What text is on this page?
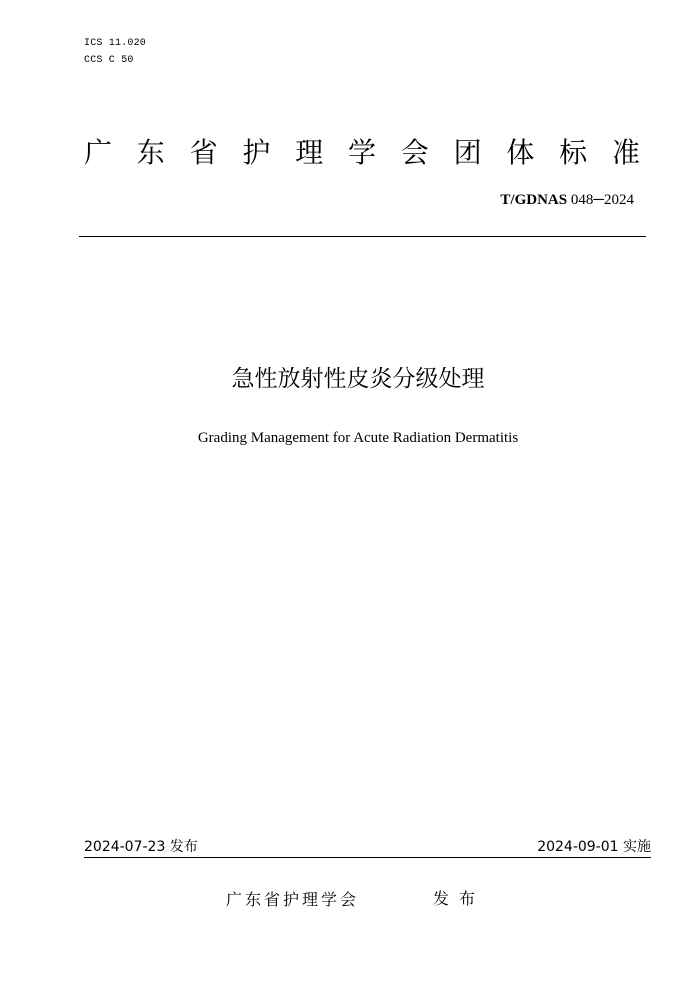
ICS 11.020
CCS C 50
广 东 省 护 理 学 会 团 体 标 准
T/GDNAS 048─2024
急性放射性皮炎分级处理
Grading Management for Acute Radiation Dermatitis
2024-07-23 发布	2024-09-01 实施
广东省护理学会	发布
